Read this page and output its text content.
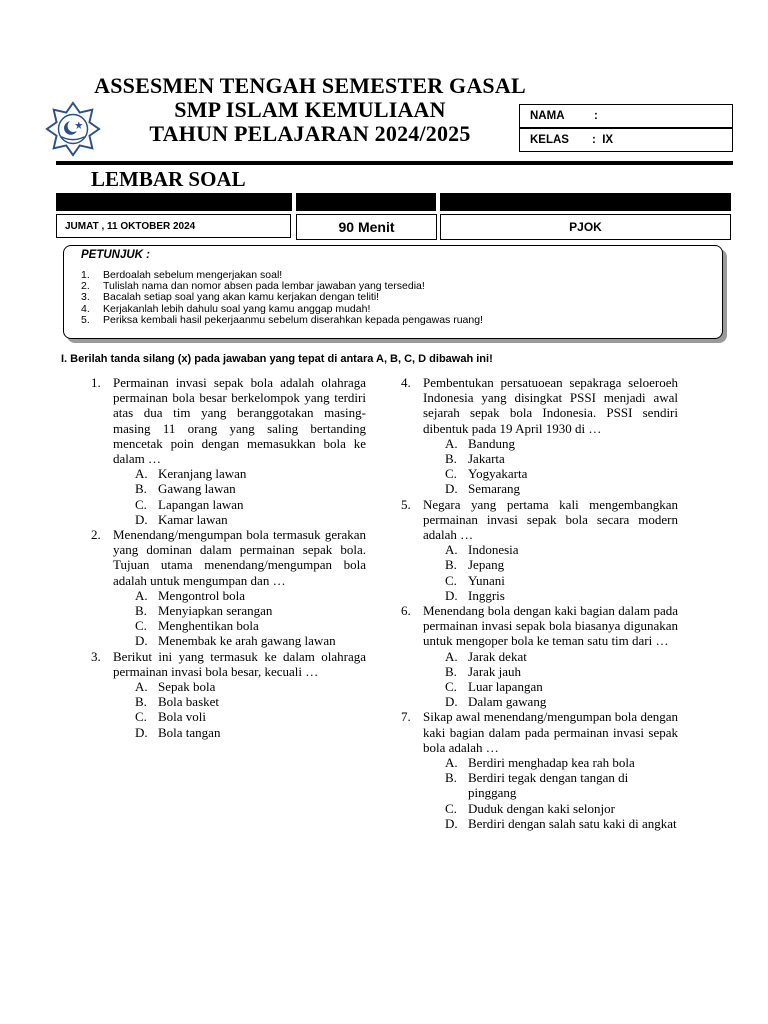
ASSESMEN TENGAH SEMESTER GASAL
SMP ISLAM KEMULIAAN
TAHUN PELAJARAN 2024/2025
NAMA	:
KELAS :  IX
LEMBAR SOAL
JUMAT , 11 OKTOBER 2024	90 Menit	PJOK
PETUNJUK :
1. Berdoalah sebelum mengerjakan soal!
2. Tulislah nama dan nomor absen pada lembar jawaban yang tersedia!
3. Bacalah setiap soal yang akan kamu kerjakan dengan teliti!
4. Kerjakanlah lebih dahulu soal yang kamu anggap mudah!
5. Periksa kembali hasil pekerjaanmu sebelum diserahkan kepada pengawas ruang!
I. Berilah tanda silang (x) pada jawaban yang tepat di antara A, B, C, D dibawah ini!
1. Permainan invasi sepak bola adalah olahraga permainan bola besar berkelompok yang terdiri atas dua tim yang beranggotakan masing-masing 11 orang yang saling bertanding mencetak poin dengan memasukkan bola ke dalam …
A. Keranjang lawan
B. Gawang lawan
C. Lapangan lawan
D. Kamar lawan
2. Menendang/mengumpan bola termasuk gerakan yang dominan dalam permainan sepak bola. Tujuan utama menendang/mengumpan bola adalah untuk mengumpan dan …
A. Mengontrol bola
B. Menyiapkan serangan
C. Menghentikan bola
D. Menembak ke arah gawang lawan
3. Berikut ini yang termasuk ke dalam olahraga permainan invasi bola besar, kecuali …
A. Sepak bola
B. Bola basket
C. Bola voli
D. Bola tangan
4. Pembentukan persatuoean sepakraga seloeroeh Indonesia yang disingkat PSSI menjadi awal sejarah sepak bola Indonesia. PSSI sendiri dibentuk pada 19 April 1930 di …
A. Bandung
B. Jakarta
C. Yogyakarta
D. Semarang
5. Negara yang pertama kali mengembangkan permainan invasi sepak bola secara modern adalah …
A. Indonesia
B. Jepang
C. Yunani
D. Inggris
6. Menendang bola dengan kaki bagian dalam pada permainan invasi sepak bola biasanya digunakan untuk mengoper bola ke teman satu tim dari …
A. Jarak dekat
B. Jarak jauh
C. Luar lapangan
D. Dalam gawang
7. Sikap awal menendang/mengumpan bola dengan kaki bagian dalam pada permainan invasi sepak bola adalah …
A. Berdiri menghadap kea rah bola
B. Berdiri tegak dengan tangan di pinggang
C. Duduk dengan kaki selonjor
D. Berdiri dengan salah satu kaki di angkat
